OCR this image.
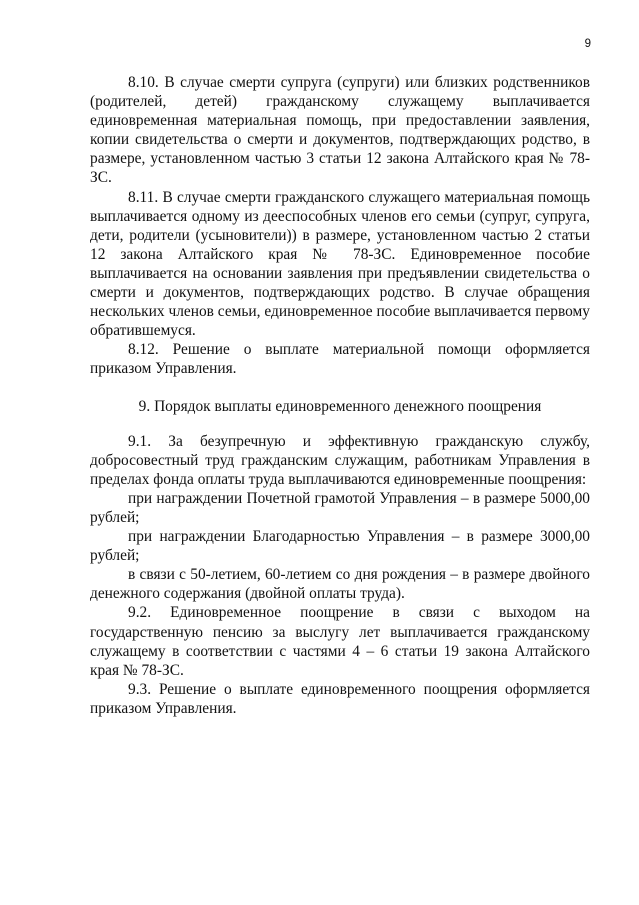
9

8.10. В случае смерти супруга (супруги) или близких родственников (родителей, детей) гражданскому служащему выплачивается единовременная материальная помощь, при предоставлении заявления, копии свидетельства о смерти и документов, подтверждающих родство, в размере, установленном частью 3 статьи 12 закона Алтайского края № 78-ЗС.

8.11. В случае смерти гражданского служащего материальная помощь выплачивается одному из дееспособных членов его семьи (супруг, супруга, дети, родители (усыновители)) в размере, установленном частью 2 статьи 12 закона Алтайского края № 78-ЗС. Единовременное пособие выплачивается на основании заявления при предъявлении свидетельства о смерти и документов, подтверждающих родство. В случае обращения нескольких членов семьи, единовременное пособие выплачивается первому обратившемуся.

8.12. Решение о выплате материальной помощи оформляется приказом Управления.

9. Порядок выплаты единовременного денежного поощрения

9.1. За безупречную и эффективную гражданскую службу, добросовестный труд гражданским служащим, работникам Управления в пределах фонда оплаты труда выплачиваются единовременные поощрения:

при награждении Почетной грамотой Управления – в размере 5000,00 рублей;

при награждении Благодарностью Управления – в размере 3000,00 рублей;

в связи с 50-летием, 60-летием со дня рождения – в размере двойного денежного содержания (двойной оплаты труда).

9.2. Единовременное поощрение в связи с выходом на государственную пенсию за выслугу лет выплачивается гражданскому служащему в соответствии с частями 4 – 6 статьи 19 закона Алтайского края № 78-ЗС.

9.3. Решение о выплате единовременного поощрения оформляется приказом Управления.
